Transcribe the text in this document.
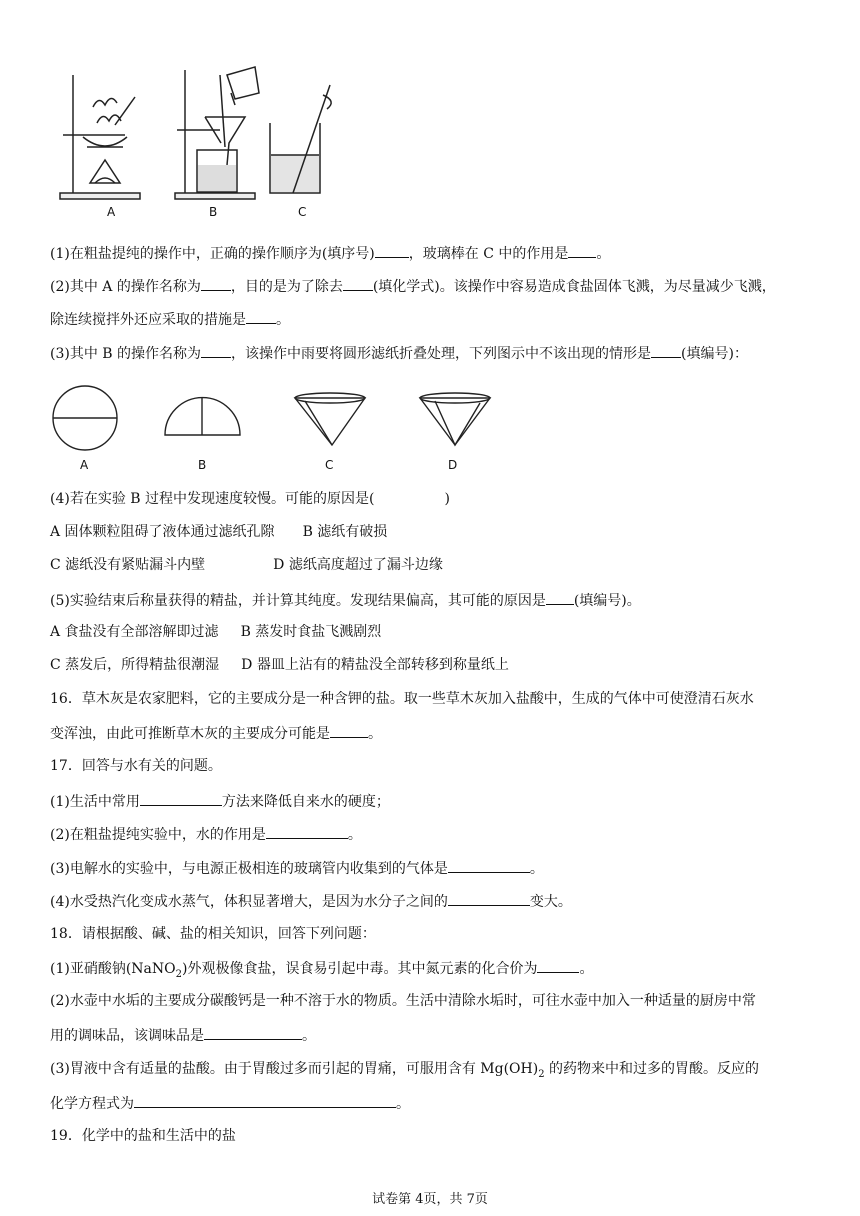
A	B	C
(1)在粗盐提纯的操作中，正确的操作顺序为(填序号) ，玻璃棒在 C 中的作用是 。
(2)其中 A 的操作名称为 ，目的是为了除去 (填化学式)。该操作中容易造成食盐固体飞溅，为尽量减少飞溅，
除连续搅拌外还应采取的措施是 。
(3)其中 B 的操作名称为 ，该操作中雨要将圆形滤纸折叠处理，下列图示中不该出现的情形是 (填编号)：
A	B	C	D
(4)若在实验 B 过程中发现速度较慢。可能的原因是(　　　　　)
A 固体颗粒阻碍了液体通过滤纸孔隙 B 滤纸有破损
C 滤纸没有紧贴漏斗内壁	D 滤纸高度超过了漏斗边缘
(5)实验结束后称量获得的精盐，并计算其纯度。发现结果偏高，其可能的原因是 (填编号)。
A 食盐没有全部溶解即过滤 B 蒸发时食盐飞溅剧烈
C 蒸发后，所得精盐很潮湿 D 器皿上沾有的精盐没全部转移到称量纸上
16．草木灰是农家肥料，它的主要成分是一种含钾的盐。取一些草木灰加入盐酸中，生成的气体中可使澄清石灰水
变浑浊，由此可推断草木灰的主要成分可能是	。
17．回答与水有关的问题。
(1)生活中常用	方法来降低自来水的硬度；
(2)在粗盐提纯实验中，水的作用是	。
(3)电解水的实验中，与电源正极相连的玻璃管内收集到的气体是	。
(4)水受热汽化变成水蒸气，体积显著增大，是因为水分子之间的	变大。
18．请根据酸、碱、盐的相关知识，回答下列问题：
(1)亚硝酸钠(NaNO$_2$)外观极像食盐，误食易引起中毒。其中氮元素的化合价为	。
(2)水壶中水垢的主要成分碳酸钙是一种不溶于水的物质。生活中清除水垢时，可往水壶中加入一种适量的厨房中常
用的调味品，该调味品是	。
(3)胃液中含有适量的盐酸。由于胃酸过多而引起的胃痛，可服用含有 $Mg(OH)_2$ 的药物来中和过多的胃酸。反应的
化学方程式为	。
19．化学中的盐和生活中的盐
试卷第 4页，共 7页
